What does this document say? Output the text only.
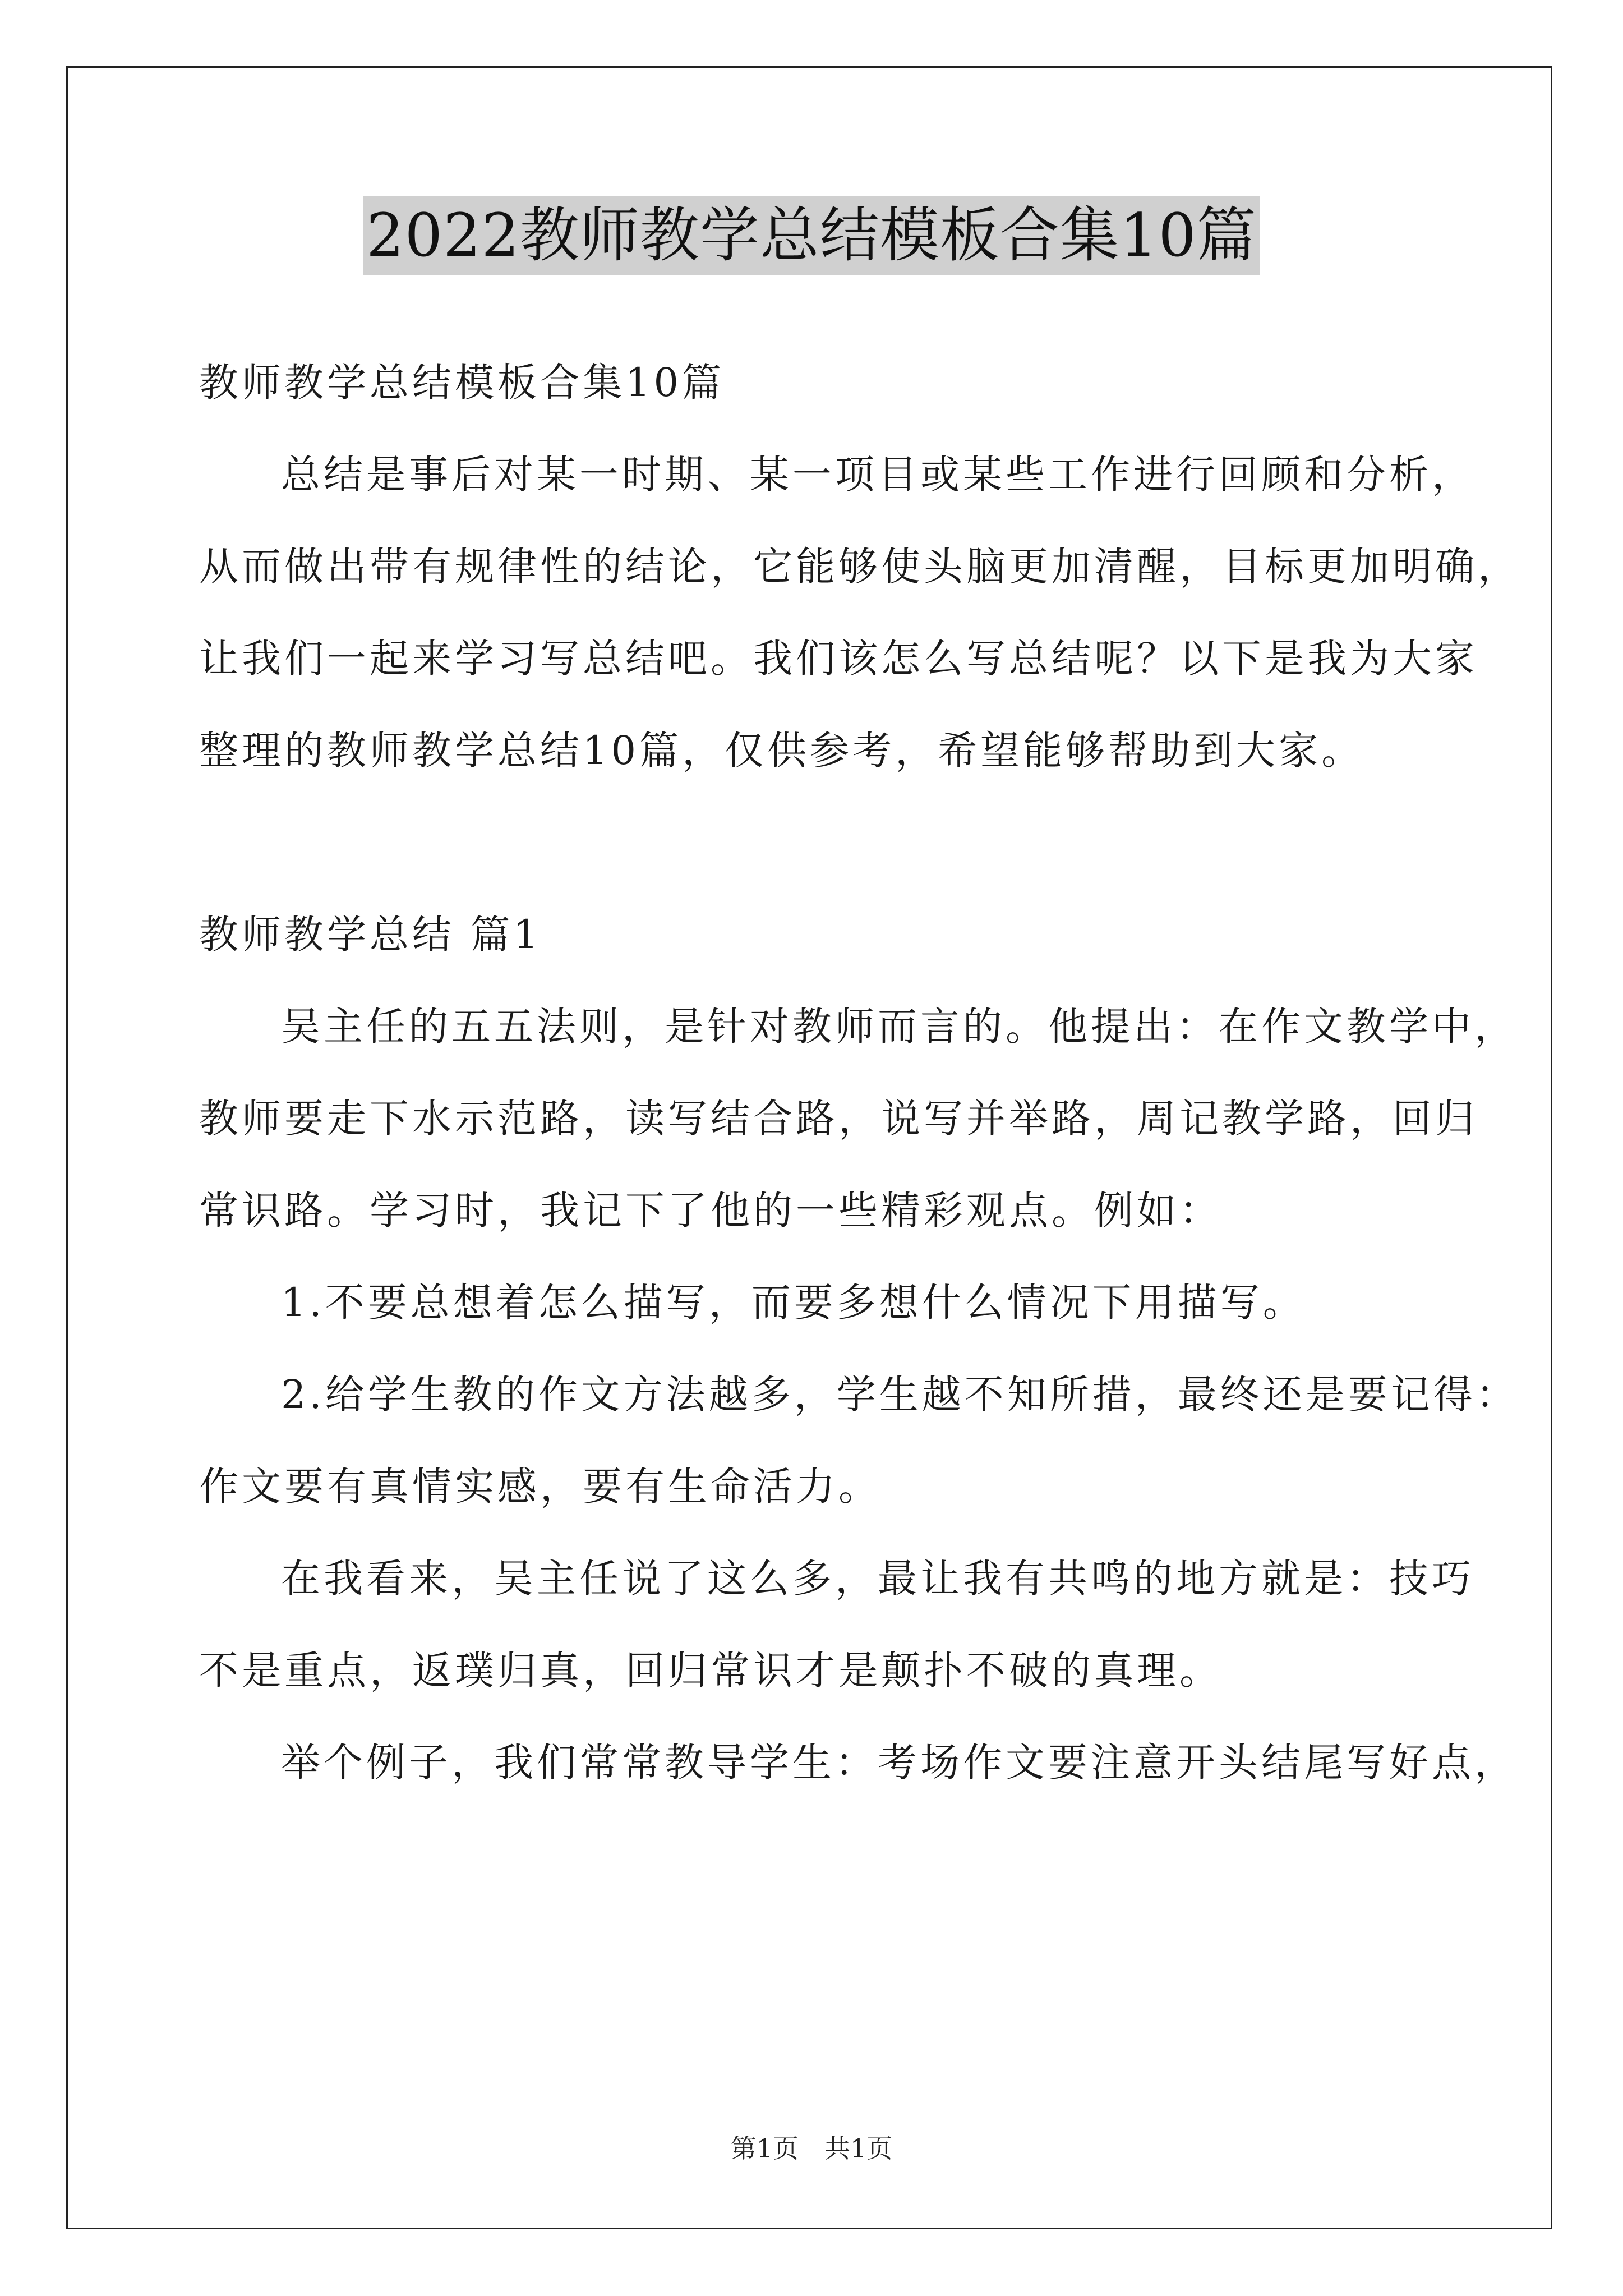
2022教师教学总结模板合集10篇
教师教学总结模板合集10篇
总结是事后对某一时期、某一项目或某些工作进行回顾和分析，
从而做出带有规律性的结论，它能够使头脑更加清醒，目标更加明确，
让我们一起来学习写总结吧。我们该怎么写总结呢？以下是我为大家
整理的教师教学总结10篇，仅供参考，希望能够帮助到大家。
教师教学总结 篇1
吴主任的五五法则，是针对教师而言的。他提出：在作文教学中，
教师要走下水示范路，读写结合路，说写并举路，周记教学路，回归
常识路。学习时，我记下了他的一些精彩观点。例如：
1.不要总想着怎么描写，而要多想什么情况下用描写。
2.给学生教的作文方法越多，学生越不知所措，最终还是要记得：
作文要有真情实感，要有生命活力。
在我看来，吴主任说了这么多，最让我有共鸣的地方就是：技巧
不是重点，返璞归真，回归常识才是颠扑不破的真理。
举个例子，我们常常教导学生：考场作文要注意开头结尾写好点，
第1页　共1页
